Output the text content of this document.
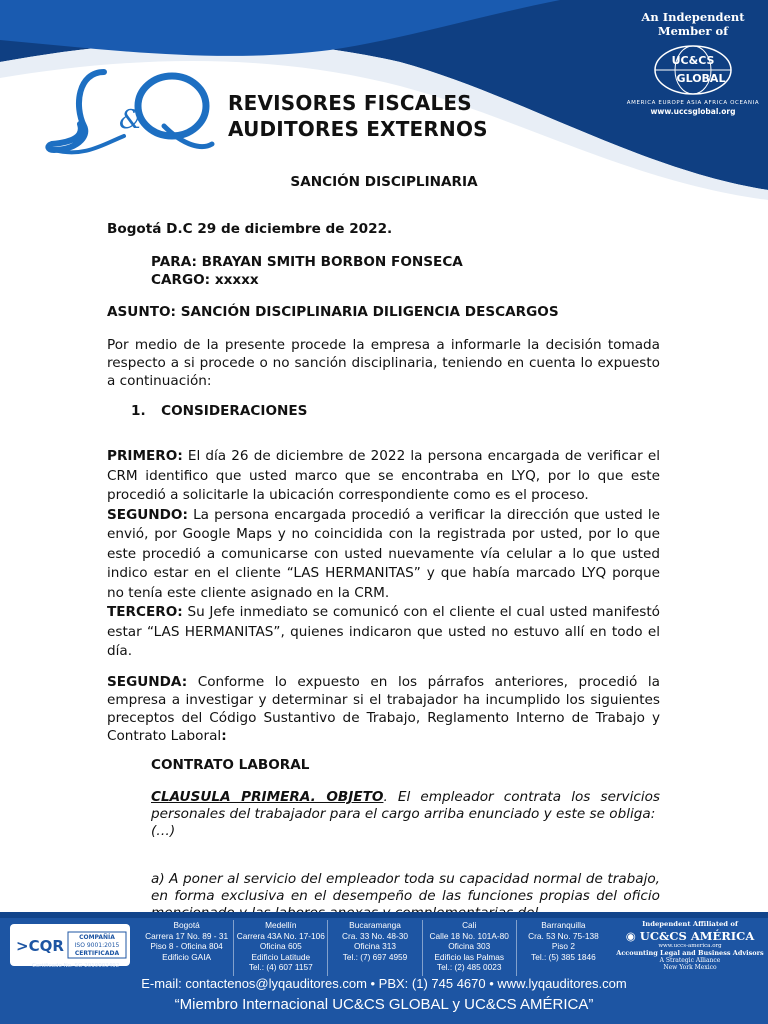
&
REVISORES FISCALES
AUDITORES EXTERNOS
An Independent Member of
UC&CS
GLOBAL
AMERICA EUROPE ASIA AFRICA OCEANIA
www.uccsglobal.org
SANCIÓN DISCIPLINARIA

Bogotá D.C 29 de diciembre de 2022.

PARA: BRAYAN SMITH BORBON FONSECA

CARGO: xxxxx

ASUNTO: SANCIÓN DISCIPLINARIA DILIGENCIA DESCARGOS

Por medio de la presente procede la empresa a informarle la decisión tomada respecto a si procede o no sanción disciplinaria, teniendo en cuenta lo expuesto a continuación:

1. CONSIDERACIONES

PRIMERO: El día 26 de diciembre de 2022 la persona encargada de verificar el CRM identifico que usted marco que se encontraba en LYQ, por lo que este procedió a solicitarle la ubicación correspondiente como es el proceso.

SEGUNDO: La persona encargada procedió a verificar la dirección que usted le envió, por Google Maps y no coincidida con la registrada por usted, por lo que este procedió a comunicarse con usted nuevamente vía celular a lo que usted indico estar en el cliente “LAS HERMANITAS” y que había marcado LYQ porque no tenía este cliente asignado en la CRM.

TERCERO: Su Jefe inmediato se comunicó con el cliente el cual usted manifestó estar “LAS HERMANITAS”, quienes indicaron que usted no estuvo allí en todo el día.

SEGUNDA: Conforme lo expuesto en los párrafos anteriores, procedió la empresa a investigar y determinar si el trabajador ha incumplido los siguientes preceptos del Código Sustantivo de Trabajo, Reglamento Interno de Trabajo y Contrato Laboral:

CONTRATO LABORAL

CLAUSULA PRIMERA. OBJETO. El empleador contrata los servicios personales del trabajador para el cargo arriba enunciado y este se obliga:

(…)

a) A poner al servicio del empleador toda su capacidad normal de trabajo, en forma exclusiva en el desempeño de las funciones propias del oficio

>CQR	COMPAÑÍA
ISO 9001:2015
CERTIFICADA
Certificado No. SG-2019003492
Bogotá
Carrera 17 No. 89 - 31
Piso 8 - Oficina 804
Edificio GAIA
Medellín
Carrera 43A No. 17-106
Oficina 605
Edificio Latitude
Tel.: (4) 607 1157
Bucaramanga
Cra. 33 No. 48-30
Oficina 313
Tel.: (7) 697 4959
Cali
Calle 18 No. 101A-80
Oficina 303
Edificio las Palmas
Tel.: (2) 485 0023
Barranquilla
Cra. 53 No. 75-138
Piso 2
Tel.: (5) 385 1846
Independent Affiliated of
◉ UC&CS AMÉRICA
www.uccs-america.org
Accounting Legal and Business Advisors
A Strategic Alliance
New York Mexico
E-mail: contactenos@lyqauditores.com • PBX: (1) 745 4670 • www.lyqauditores.com
“Miembro Internacional UC&CS GLOBAL y UC&CS AMÉRICA”
